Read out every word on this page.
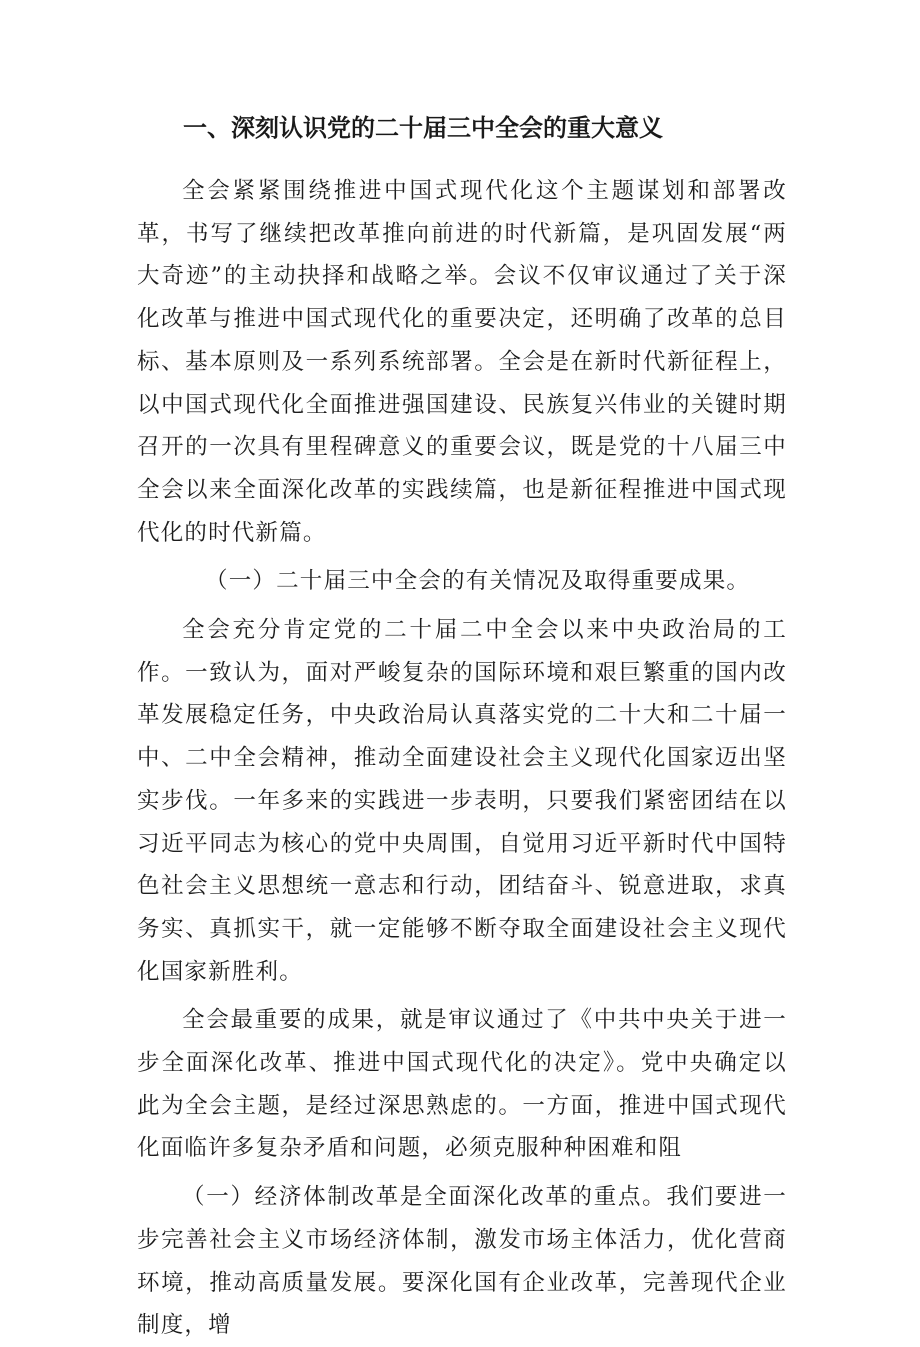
一、深刻认识党的二十届三中全会的重大意义

全会紧紧围绕推进中国式现代化这个主题谋划和部署改革，书写了继续把改革推向前进的时代新篇，是巩固发展“两大奇迹”的主动抉择和战略之举。会议不仅审议通过了关于深化改革与推进中国式现代化的重要决定，还明确了改革的总目标、基本原则及一系列系统部署。全会是在新时代新征程上，以中国式现代化全面推进强国建设、民族复兴伟业的关键时期召开的一次具有里程碑意义的重要会议，既是党的十八届三中全会以来全面深化改革的实践续篇，也是新征程推进中国式现代化的时代新篇。

（一）二十届三中全会的有关情况及取得重要成果。

全会充分肯定党的二十届二中全会以来中央政治局的工作。一致认为，面对严峻复杂的国际环境和艰巨繁重的国内改革发展稳定任务，中央政治局认真落实党的二十大和二十届一中、二中全会精神，推动全面建设社会主义现代化国家迈出坚实步伐。一年多来的实践进一步表明，只要我们紧密团结在以习近平同志为核心的党中央周围，自觉用习近平新时代中国特色社会主义思想统一意志和行动，团结奋斗、锐意进取，求真务实、真抓实干，就一定能够不断夺取全面建设社会主义现代化国家新胜利。

全会最重要的成果，就是审议通过了《中共中央关于进一步全面深化改革、推进中国式现代化的决定》。党中央确定以此为全会主题，是经过深思熟虑的。一方面，推进中国式现代化面临许多复杂矛盾和问题，必须克服种种困难和阻

（一）经济体制改革是全面深化改革的重点。我们要进一步完善社会主义市场经济体制，激发市场主体活力，优化营商环境，推动高质量发展。要深化国有企业改革，完善现代企业制度，增
